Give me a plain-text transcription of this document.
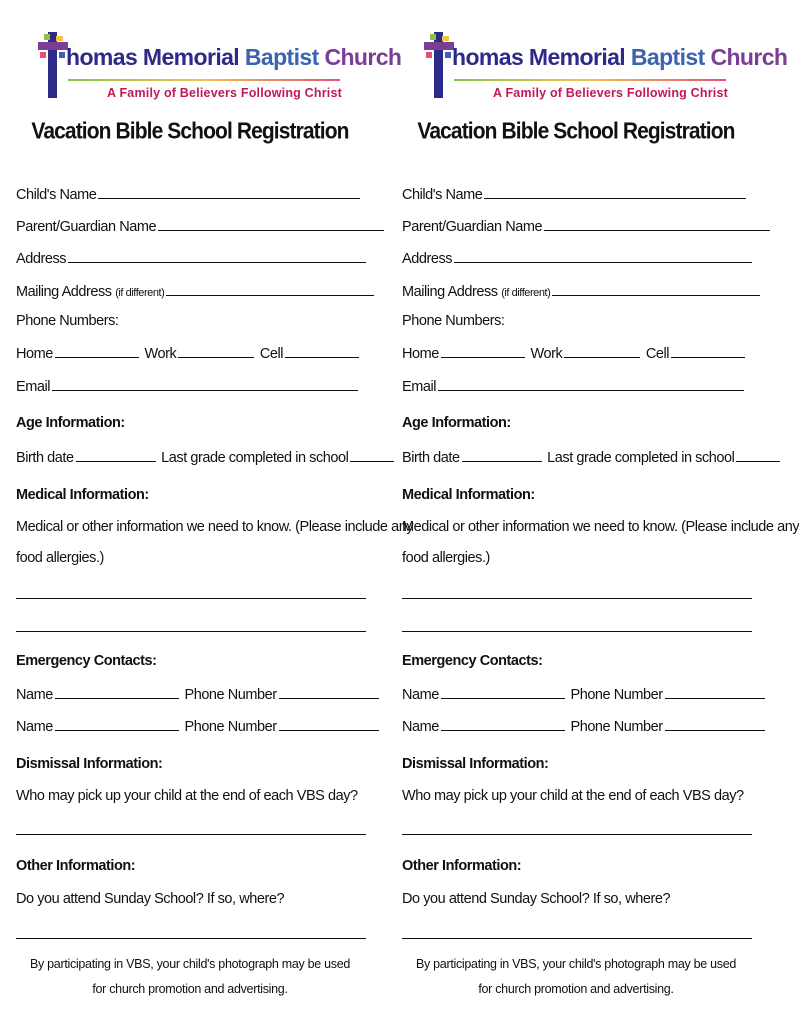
homas Memorial Baptist Church
A Family of Believers Following Christ
Vacation Bible School Registration
Child's Name
Parent/Guardian Name
Address
Mailing Address (if different)
Phone Numbers:
Home	Work	Cell
Email
Age Information:
Birth date	Last grade completed in school
Medical Information:
Medical or other information we need to know. (Please include any
food allergies.)
Emergency Contacts:
Name	Phone Number
Name	Phone Number
Dismissal Information:
Who may pick up your child at the end of each VBS day?
Other Information:
Do you attend Sunday School? If so, where?
By participating in VBS, your child's photograph may be used
for church promotion and advertising.
homas Memorial Baptist Church
A Family of Believers Following Christ
Vacation Bible School Registration
Child's Name
Parent/Guardian Name
Address
Mailing Address (if different)
Phone Numbers:
Home	Work	Cell
Email
Age Information:
Birth date	Last grade completed in school
Medical Information:
Medical or other information we need to know. (Please include any
food allergies.)
Emergency Contacts:
Name	Phone Number
Name	Phone Number
Dismissal Information:
Who may pick up your child at the end of each VBS day?
Other Information:
Do you attend Sunday School? If so, where?
By participating in VBS, your child's photograph may be used
for church promotion and advertising.
